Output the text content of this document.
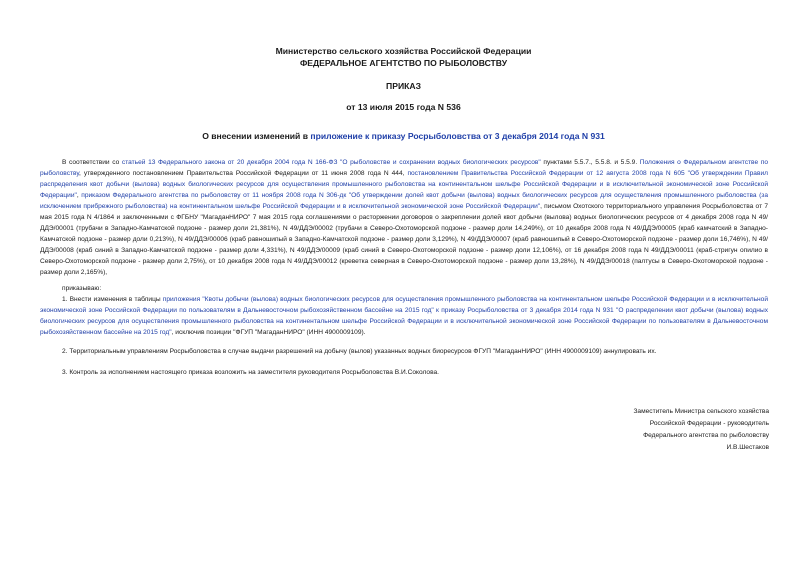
Министерство сельского хозяйства Российской Федерации
ФЕДЕРАЛЬНОЕ АГЕНТСТВО ПО РЫБОЛОВСТВУ
ПРИКАЗ
от 13 июля 2015 года N 536
О внесении изменений в приложение к приказу Росрыболовства от 3 декабря 2014 года N 931
В соответствии со статьей 13 Федерального закона от 20 декабря 2004 года N 166-ФЗ "О рыболовстве и сохранении водных биологических ресурсов" пунктами 5.5.7., 5.5.8. и 5.5.9. Положения о Федеральном агентстве по рыболовству, утвержденного постановлением Правительства Российской Федерации от 11 июня 2008 года N 444, постановлением Правительства Российской Федерации от 12 августа 2008 года N 605 "Об утверждении Правил распределения квот добычи (вылова) водных биологических ресурсов для осуществления промышленного рыболовства на континентальном шельфе Российской Федерации и в исключительной экономической зоне Российской Федерации", приказом Федерального агентства по рыболовству от 11 ноября 2008 года N 306-дк "Об утверждении долей квот добычи (вылова) водных биологических ресурсов для осуществления промышленного рыболовства (за исключением прибрежного рыболовства) на континентальном шельфе Российской Федерации и в исключительной экономической зоне Российской Федерации", письмом Охотского территориального управления Росрыболовства от 7 мая 2015 года N 4/1864 и заключенными с ФГБНУ "МагаданНИРО" 7 мая 2015 года соглашениями о расторжении договоров о закреплении долей квот добычи (вылова) водных биологических ресурсов от 4 декабря 2008 года N 49/ДДЭ/00001 (трубачи в Западно-Камчатской подзоне - размер доли 21,381%), N 49/ДДЭ/00002 (трубачи в Северо-Охотоморской подзоне - размер доли 14,249%), от 10 декабря 2008 года N 49/ДДЭ/00005 (краб камчатский в Западно-Камчатской подзоне - размер доли 0,213%), N 49/ДДЭ/00006 (краб равношипый в Западно-Камчатской подзоне - размер доли 3,129%), N 49/ДДЭ/00007 (краб равношипый в Северо-Охотоморской подзоне - размер доли 16,746%), N 49/ДДЭ/00008 (краб синий в Западно-Камчатской подзоне - размер доли 4,331%), N 49/ДДЭ/00009 (краб синий в Северо-Охотоморской подзоне - размер доли 12,106%), от 16 декабря 2008 года N 49/ДДЭ/00011 (краб-стригун опилио в Северо-Охотоморской подзоне - размер доли 2,75%), от 10 декабря 2008 года N 49/ДДЭ/00012 (креветка северная в Северо-Охотоморской подзоне - размер доли 13,28%), N 49/ДДЭ/00018 (палтусы в Северо-Охотоморской подзоне - размер доли 2,165%),
приказываю:
1. Внести изменения в таблицы приложения "Квоты добычи (вылова) водных биологических ресурсов для осуществления промышленного рыболовства на континентальном шельфе Российской Федерации и в исключительной экономической зоне Российской Федерации по пользователям в Дальневосточном рыбохозяйственном бассейне на 2015 год" к приказу Росрыболовства от 3 декабря 2014 года N 931 "О распределении квот добычи (вылова) водных биологических ресурсов для осуществления промышленного рыболовства на континентальном шельфе Российской Федерации и в исключительной экономической зоне Российской Федерации по пользователям в Дальневосточном рыбохозяйственном бассейне на 2015 год", исключив позиции "ФГУП "МагаданНИРО" (ИНН 4900009109).
2. Территориальным управлениям Росрыболовства в случае выдачи разрешений на добычу (вылов) указанных водных биоресурсов ФГУП "МагаданНИРО" (ИНН 4900009109) аннулировать их.
3. Контроль за исполнением настоящего приказа возложить на заместителя руководителя Росрыболовства В.И.Соколова.
Заместитель Министра сельского хозяйства
Российской Федерации - руководитель
Федерального агентства по рыболовству
И.В.Шестаков
